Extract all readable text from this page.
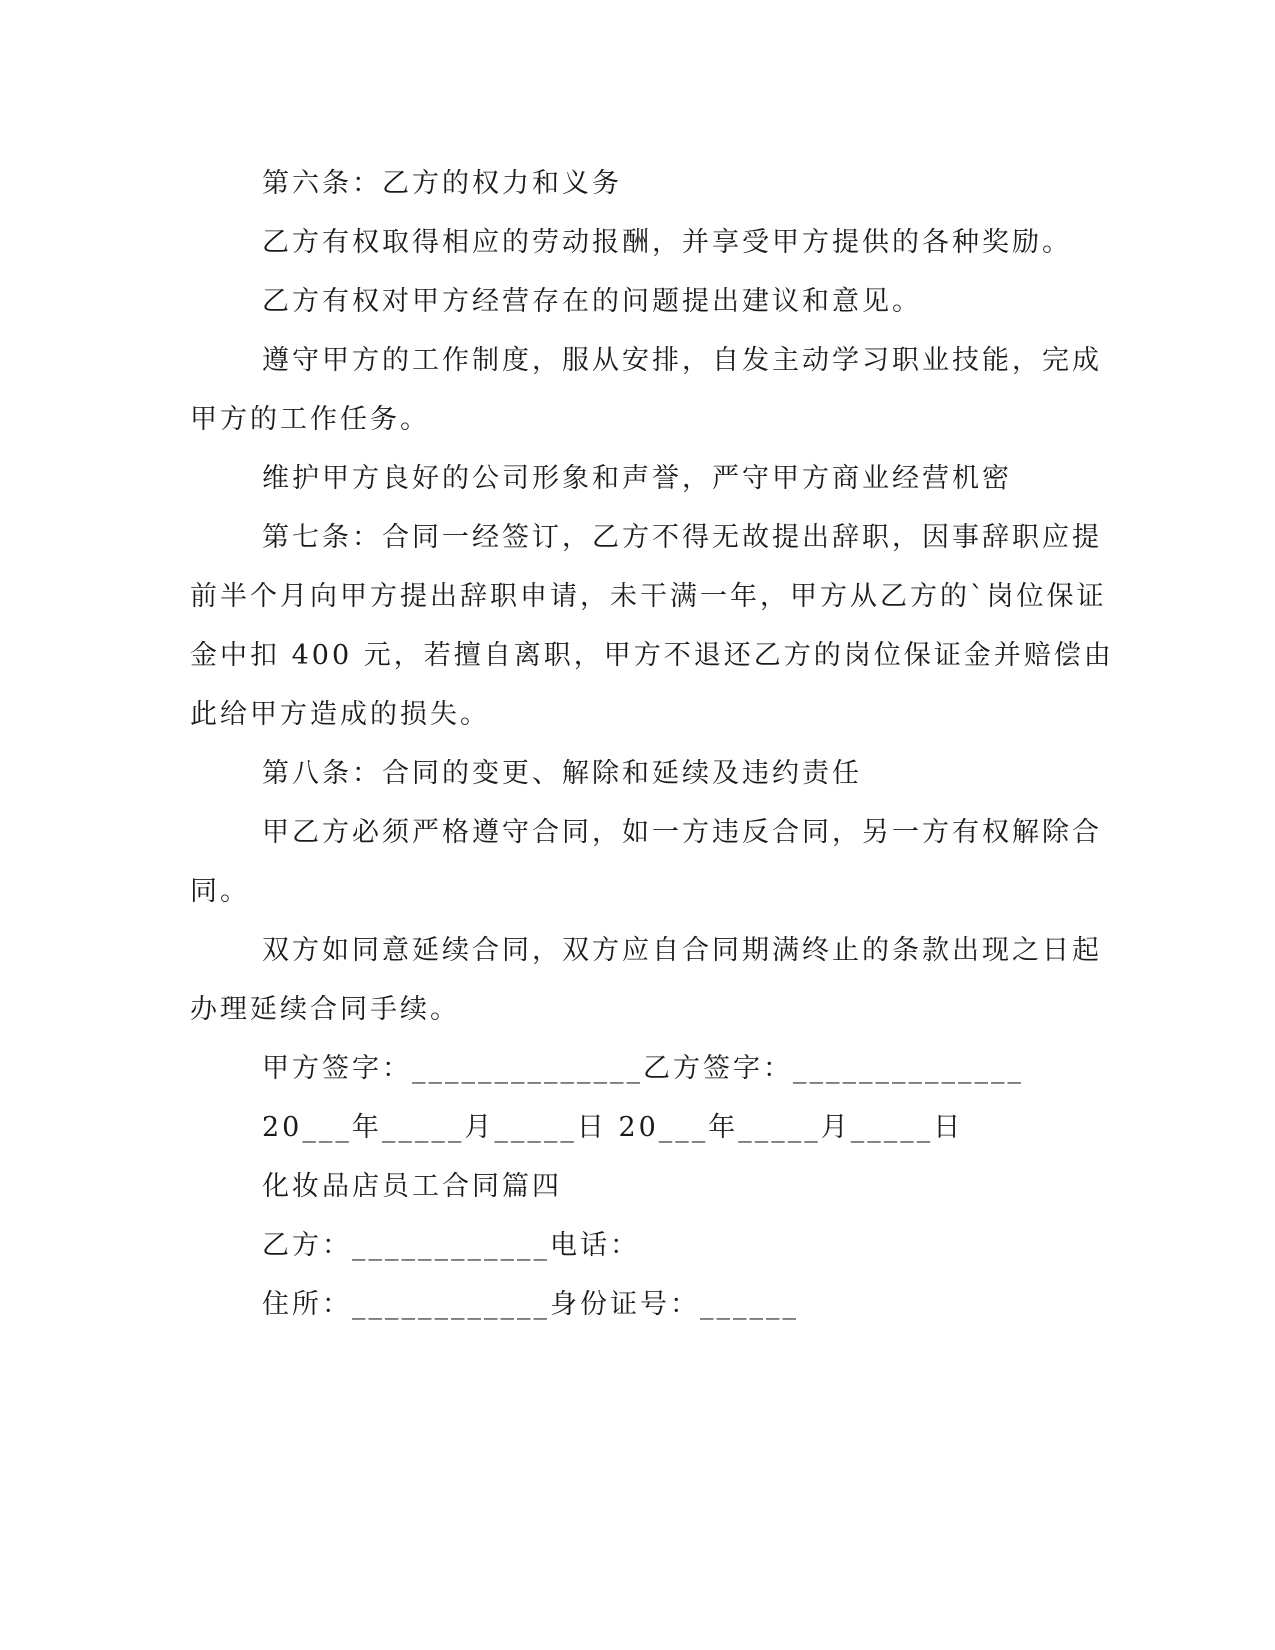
第六条：乙方的权力和义务
乙方有权取得相应的劳动报酬，并享受甲方提供的各种奖励。
乙方有权对甲方经营存在的问题提出建议和意见。
遵守甲方的工作制度，服从安排，自发主动学习职业技能，完成
甲方的工作任务。
维护甲方良好的公司形象和声誉，严守甲方商业经营机密
第七条：合同一经签订，乙方不得无故提出辞职，因事辞职应提
前半个月向甲方提出辞职申请，未干满一年，甲方从乙方的`岗位保证
金中扣 400 元，若擅自离职，甲方不退还乙方的岗位保证金并赔偿由
此给甲方造成的损失。
第八条：合同的变更、解除和延续及违约责任
甲乙方必须严格遵守合同，如一方违反合同，另一方有权解除合
同。
双方如同意延续合同，双方应自合同期满终止的条款出现之日起
办理延续合同手续。
甲方签字：______________乙方签字：______________
20___年_____月_____日 20___年_____月_____日
化妆品店员工合同篇四
乙方：____________电话：
住所：____________身份证号：______
